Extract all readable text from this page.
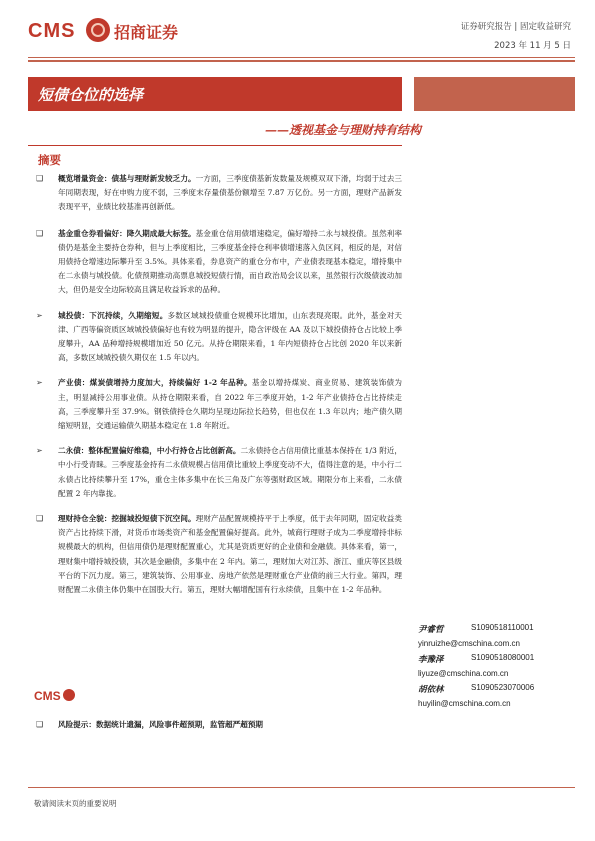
CMS 招商证券	证券研究报告 | 固定收益研究
2023 年 11 月 5 日
短债仓位的选择
——透视基金与理财持有结构
摘要
❑ 概览增量资金：债基与理财新发较乏力。一方面，三季度债基新发数量及规模双双下滑，均弱于过去三年同期表现，好在申购力度不弱，三季度末存量债基份额增至 7.87 万亿份。另一方面，理财产品新发表现平平，业绩比较基准再创新低。
❑ 基金重仓券看偏好：降久期成最大标签。基金重仓信用债增速稳定，偏好增持二永与城投债。虽然利率债仍是基金主要持仓券种，但与上季度相比，三季度基金持仓利率债增速落入负区间，相反的是，对信用债持仓增速边际攀升至 3.5%。具体来看，券息资产的重仓分布中，产业债表现基本稳定，增持集中在二永债与城投债。化债预期推动高票息城投短债行情，而自政治局会议以来，虽然银行次级债波动加大，但仍是安全边际较高且满足收益诉求的品种。
➢ 城投债：下沉持续，久期缩短。多数区域城投债重仓规模环比增加，山东表现亮眼。此外，基金对天津、广西等偏资质区域城投债偏好也有较为明显的提升，隐含评级在 AA 及以下城投债持仓占比较上季度攀升，AA 品种增持规模增加近 50 亿元。从持仓期限来看，1 年内短债持仓占比创 2020 年以来新高，多数区域城投债久期仅在 1.5 年以内。
➢ 产业债：煤炭债增持力度加大，持续偏好 1-2 年品种。基金以增持煤炭、商业贸易、建筑装饰债为主，明显减持公用事业债。从持仓期限来看，自 2022 年三季度开始，1-2 年产业债持仓占比持续走高，三季度攀升至 37.9%。钢铁债持仓久期均呈现边际拉长趋势，但也仅在 1.3 年以内；地产债久期缩短明显，交通运输债久期基本稳定在 1.8 年附近。
➢ 二永债：整体配置偏好维稳，中小行持仓占比创新高。二永债持仓占信用债比重基本保持在 1/3 附近，中小行受青睐。三季度基金持有二永债规模占信用债比重较上季度变动不大，值得注意的是，中小行二永债占比持续攀升至 17%，重仓主体多集中在长三角及广东等强财政区域。期限分布上来看，二永债配置 2 年内靠拢。
❑ 理财持仓全貌：挖掘城投短债下沉空间。理财产品配置规模持平于上季度，低于去年同期，固定收益类资产占比持续下滑，对货币市场类资产和基金配置偏好提高。此外，城商行理财子成为二季度增持非标规模最大的机构，但信用债仍是理财配置重心，尤其是资质更好的企业债和金融债。具体来看，第一，理财集中增持城投债，其次是金融债，多集中在 2 年内。第二，理财加大对江苏、浙江、重庆等区县级平台的下沉力度。第三，建筑装饰、公用事业、房地产依然是理财重仓产业债的前三大行业。第四，理财配置二永债主体仍集中在国股大行。第五，理财大幅增配国有行永续债，且集中在 1-2 年品种。
尹睿哲	S1090518110001
yinruizhe@cmschina.com.cn
李豫泽	S1090518080001
liyuze@cmschina.com.cn
胡依林	S1090523070006
huyilin@cmschina.com.cn
CMS
❑ 风险提示：数据统计遗漏，风险事件超预期，监管超严超预期
敬请阅读末页的重要说明
